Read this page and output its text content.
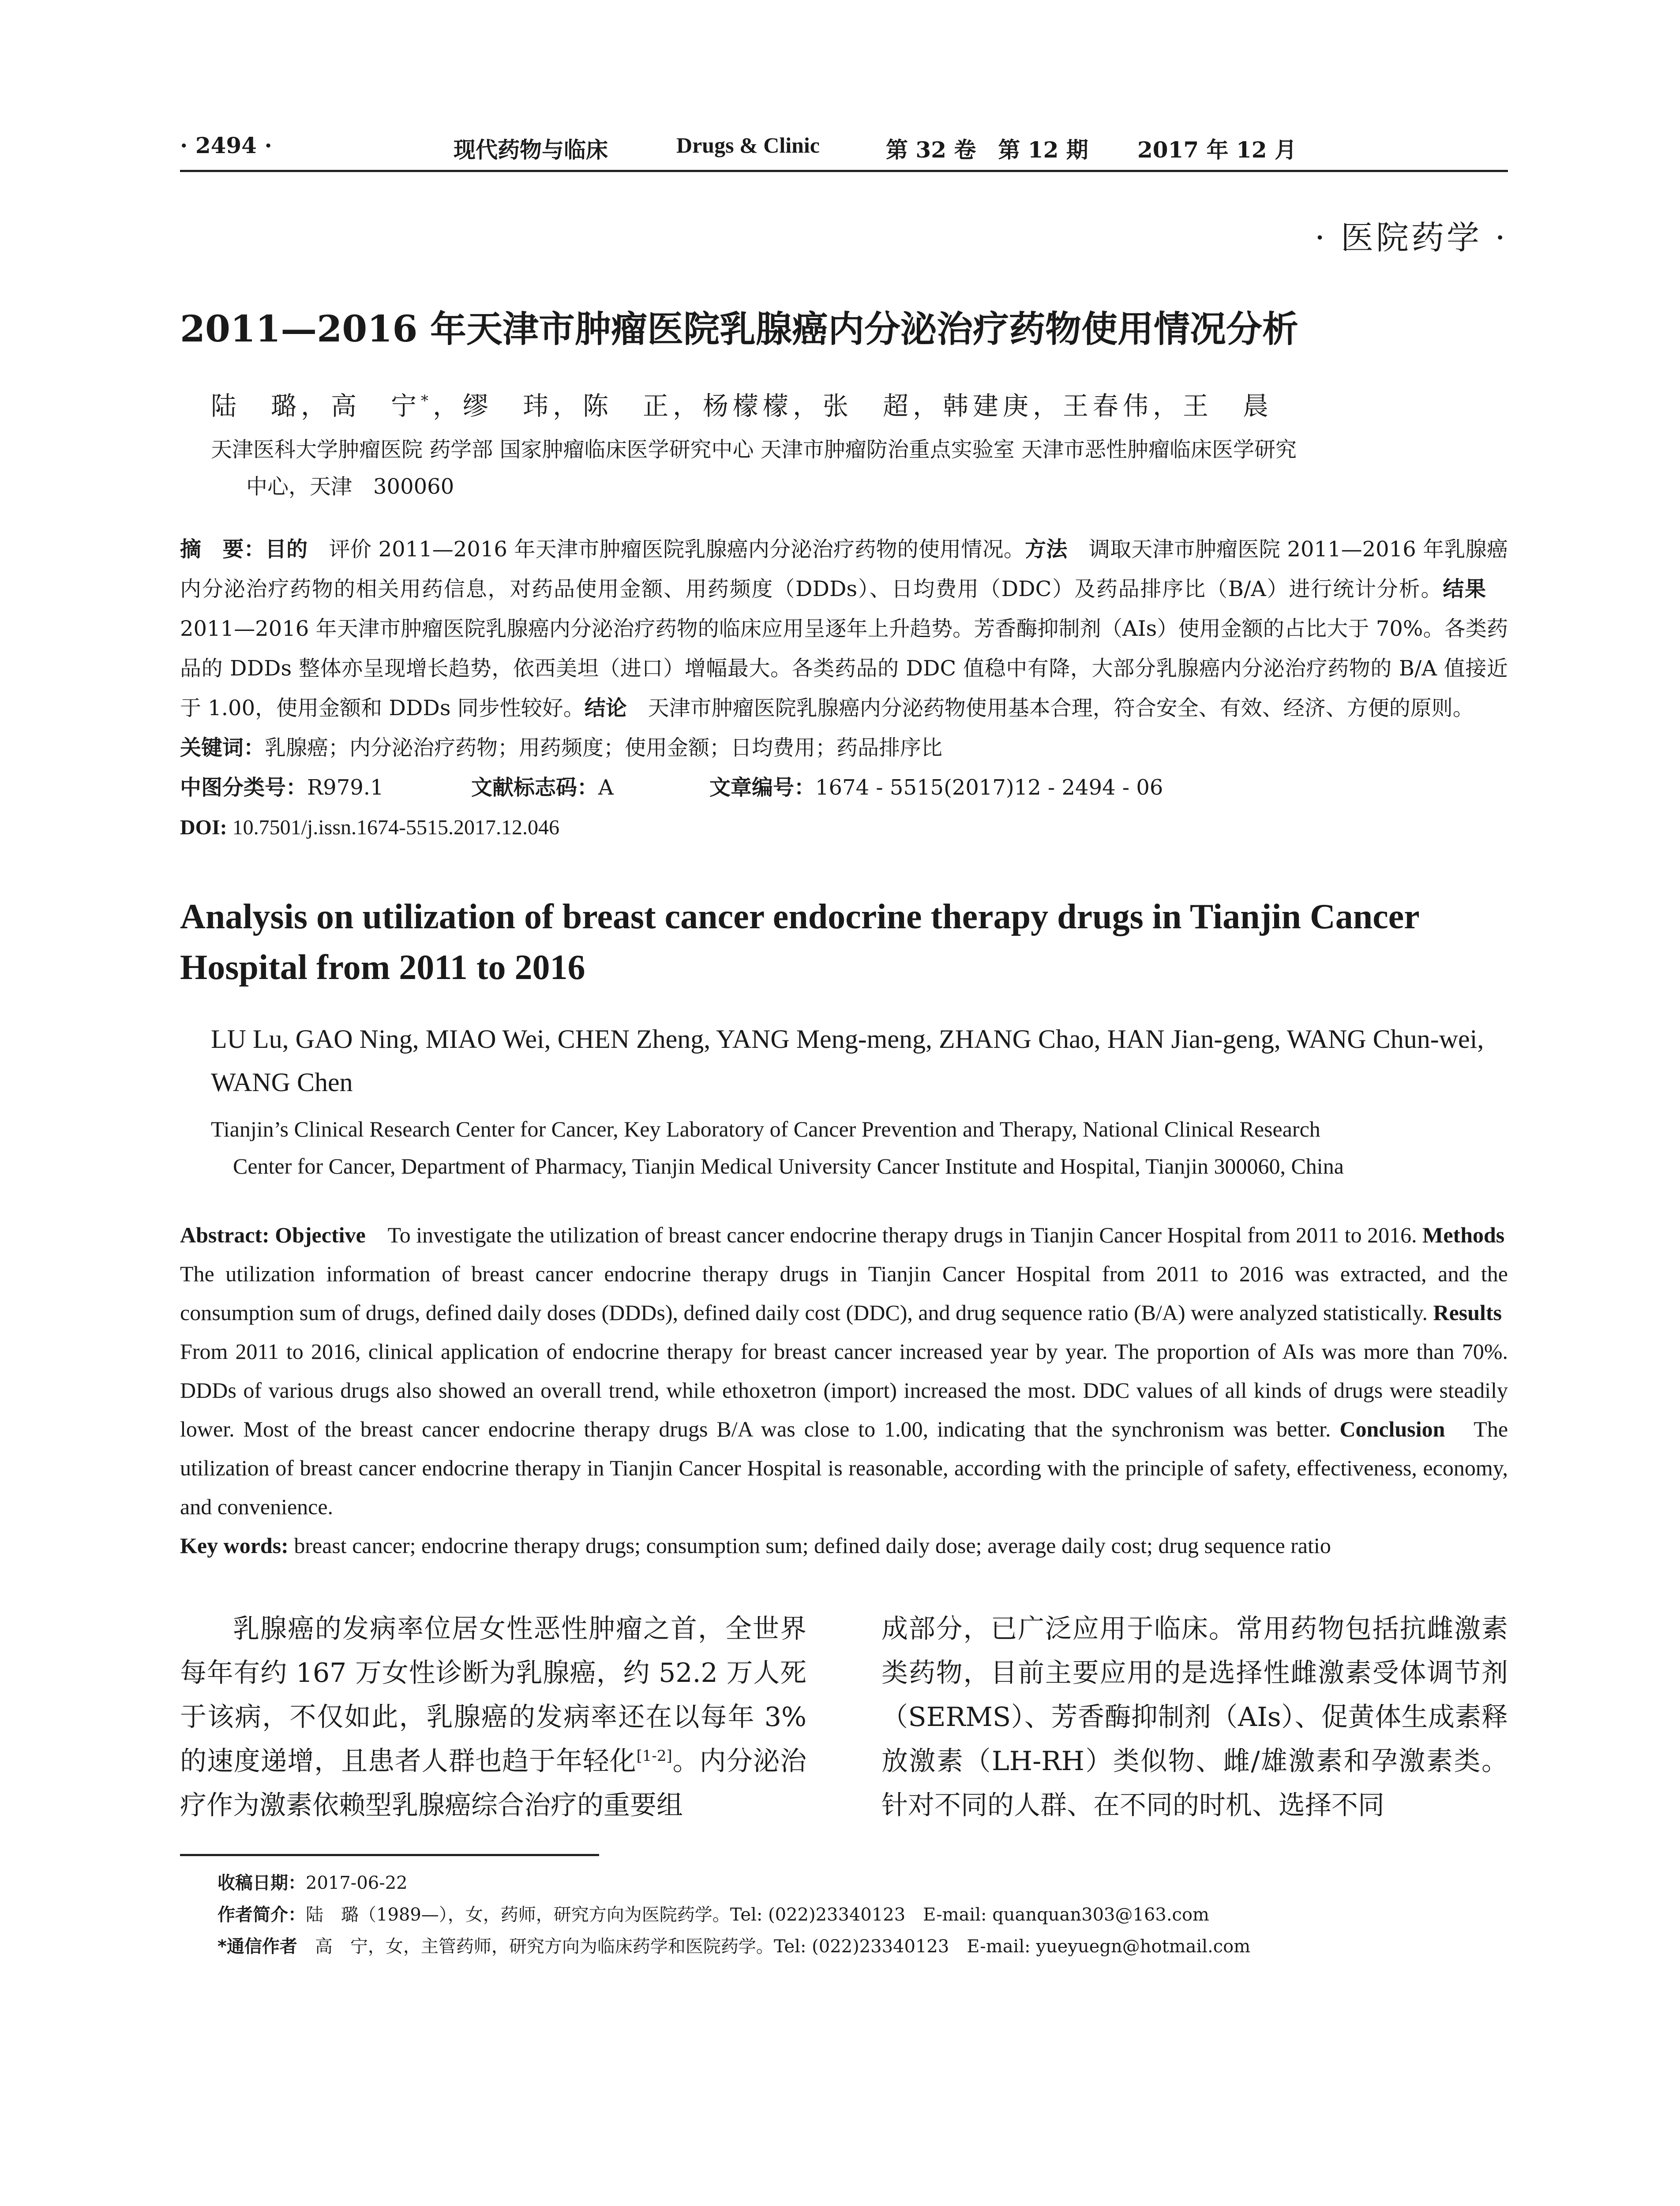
· 2494 ·	现代药物与临床	Drugs & Clinic	第 32 卷　第 12 期 2017 年 12 月
· 医院药学 ·
2011—2016 年天津市肿瘤医院乳腺癌内分泌治疗药物使用情况分析
陆　璐，高　宁*，缪　玮，陈　正，杨檬檬，张　超，韩建庚，王春伟，王　晨
天津医科大学肿瘤医院 药学部 国家肿瘤临床医学研究中心 天津市肿瘤防治重点实验室 天津市恶性肿瘤临床医学研究
中心，天津　300060
摘　要：目的　评价 2011—2016 年天津市肿瘤医院乳腺癌内分泌治疗药物的使用情况。方法　调取天津市肿瘤医院 2011—2016 年乳腺癌内分泌治疗药物的相关用药信息，对药品使用金额、用药频度（DDDs）、日均费用（DDC）及药品排序比（B/A）进行统计分析。结果　2011—2016 年天津市肿瘤医院乳腺癌内分泌治疗药物的临床应用呈逐年上升趋势。芳香酶抑制剂（AIs）使用金额的占比大于 70%。各类药品的 DDDs 整体亦呈现增长趋势，依西美坦（进口）增幅最大。各类药品的 DDC 值稳中有降，大部分乳腺癌内分泌治疗药物的 B/A 值接近于 1.00，使用金额和 DDDs 同步性较好。结论　天津市肿瘤医院乳腺癌内分泌药物使用基本合理，符合安全、有效、经济、方便的原则。
关键词：乳腺癌；内分泌治疗药物；用药频度；使用金额；日均费用；药品排序比
中图分类号：R979.1	文献标志码：A	文章编号：1674 - 5515(2017)12 - 2494 - 06
DOI: 10.7501/j.issn.1674-5515.2017.12.046
Analysis on utilization of breast cancer endocrine therapy drugs in Tianjin Cancer Hospital from 2011 to 2016
LU Lu, GAO Ning, MIAO Wei, CHEN Zheng, YANG Meng-meng, ZHANG Chao, HAN Jian-geng, WANG Chun-wei,
WANG Chen
Tianjin’s Clinical Research Center for Cancer, Key Laboratory of Cancer Prevention and Therapy, National Clinical Research
Center for Cancer, Department of Pharmacy, Tianjin Medical University Cancer Institute and Hospital, Tianjin 300060, China
Abstract: Objective　To investigate the utilization of breast cancer endocrine therapy drugs in Tianjin Cancer Hospital from 2011 to 2016. Methods　The utilization information of breast cancer endocrine therapy drugs in Tianjin Cancer Hospital from 2011 to 2016 was extracted, and the consumption sum of drugs, defined daily doses (DDDs), defined daily cost (DDC), and drug sequence ratio (B/A) were analyzed statistically. Results　From 2011 to 2016, clinical application of endocrine therapy for breast cancer increased year by year. The proportion of AIs was more than 70%. DDDs of various drugs also showed an overall trend, while ethoxetron (import) increased the most. DDC values of all kinds of drugs were steadily lower. Most of the breast cancer endocrine therapy drugs B/A was close to 1.00, indicating that the synchronism was better. Conclusion　The utilization of breast cancer endocrine therapy in Tianjin Cancer Hospital is reasonable, according with the principle of safety, effectiveness, economy, and convenience.
Key words: breast cancer; endocrine therapy drugs; consumption sum; defined daily dose; average daily cost; drug sequence ratio
乳腺癌的发病率位居女性恶性肿瘤之首，全世界每年有约 167 万女性诊断为乳腺癌，约 52.2 万人死于该病，不仅如此，乳腺癌的发病率还在以每年 3%的速度递增，且患者人群也趋于年轻化[1-2]。内分泌治疗作为激素依赖型乳腺癌综合治疗的重要组
成部分，已广泛应用于临床。常用药物包括抗雌激素类药物，目前主要应用的是选择性雌激素受体调节剂（SERMS）、芳香酶抑制剂（AIs）、促黄体生成素释放激素（LH-RH）类似物、雌/雄激素和孕激素类。针对不同的人群、在不同的时机、选择不同
收稿日期：2017-06-22
作者简介：陆　璐（1989—），女，药师，研究方向为医院药学。Tel: (022)23340123　E-mail: quanquan303@163.com
*通信作者　高　宁，女，主管药师，研究方向为临床药学和医院药学。Tel: (022)23340123　E-mail: yueyuegn@hotmail.com
